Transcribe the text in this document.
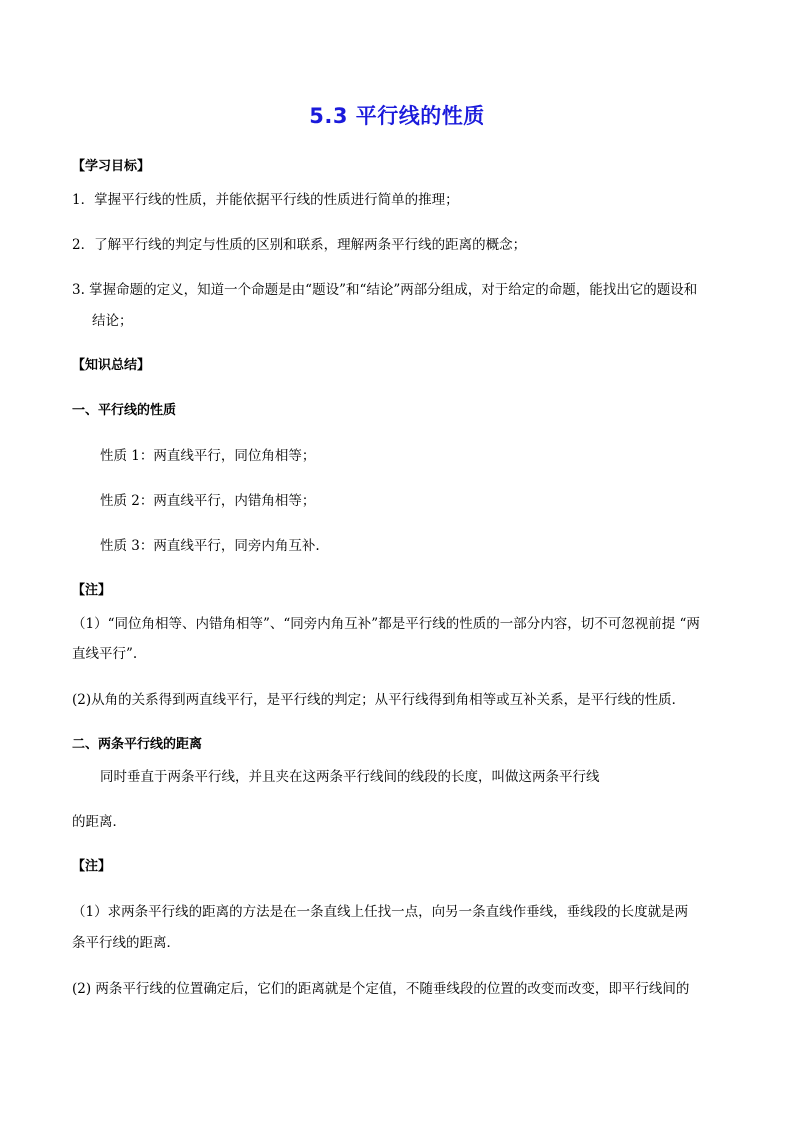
5.3 平行线的性质
【学习目标】
1．掌握平行线的性质，并能依据平行线的性质进行简单的推理；
2．了解平行线的判定与性质的区别和联系，理解两条平行线的距离的概念；
3. 掌握命题的定义，知道一个命题是由“题设”和“结论”两部分组成，对于给定的命题，能找出它的题设和
结论；
【知识总结】
一、平行线的性质
性质 1：两直线平行，同位角相等；
性质 2：两直线平行，内错角相等；
性质 3：两直线平行，同旁内角互补.
【注】
（1）“同位角相等、内错角相等”、“同旁内角互补”都是平行线的性质的一部分内容，切不可忽视前提 “两
直线平行”.
(2)从角的关系得到两直线平行，是平行线的判定；从平行线得到角相等或互补关系，是平行线的性质．
二、两条平行线的距离
同时垂直于两条平行线，并且夹在这两条平行线间的线段的长度，叫做这两条平行线
的距离．
【注】
（1）求两条平行线的距离的方法是在一条直线上任找一点，向另一条直线作垂线，垂线段的长度就是两
条平行线的距离．
(2) 两条平行线的位置确定后，它们的距离就是个定值，不随垂线段的位置的改变而改变，即平行线间的
